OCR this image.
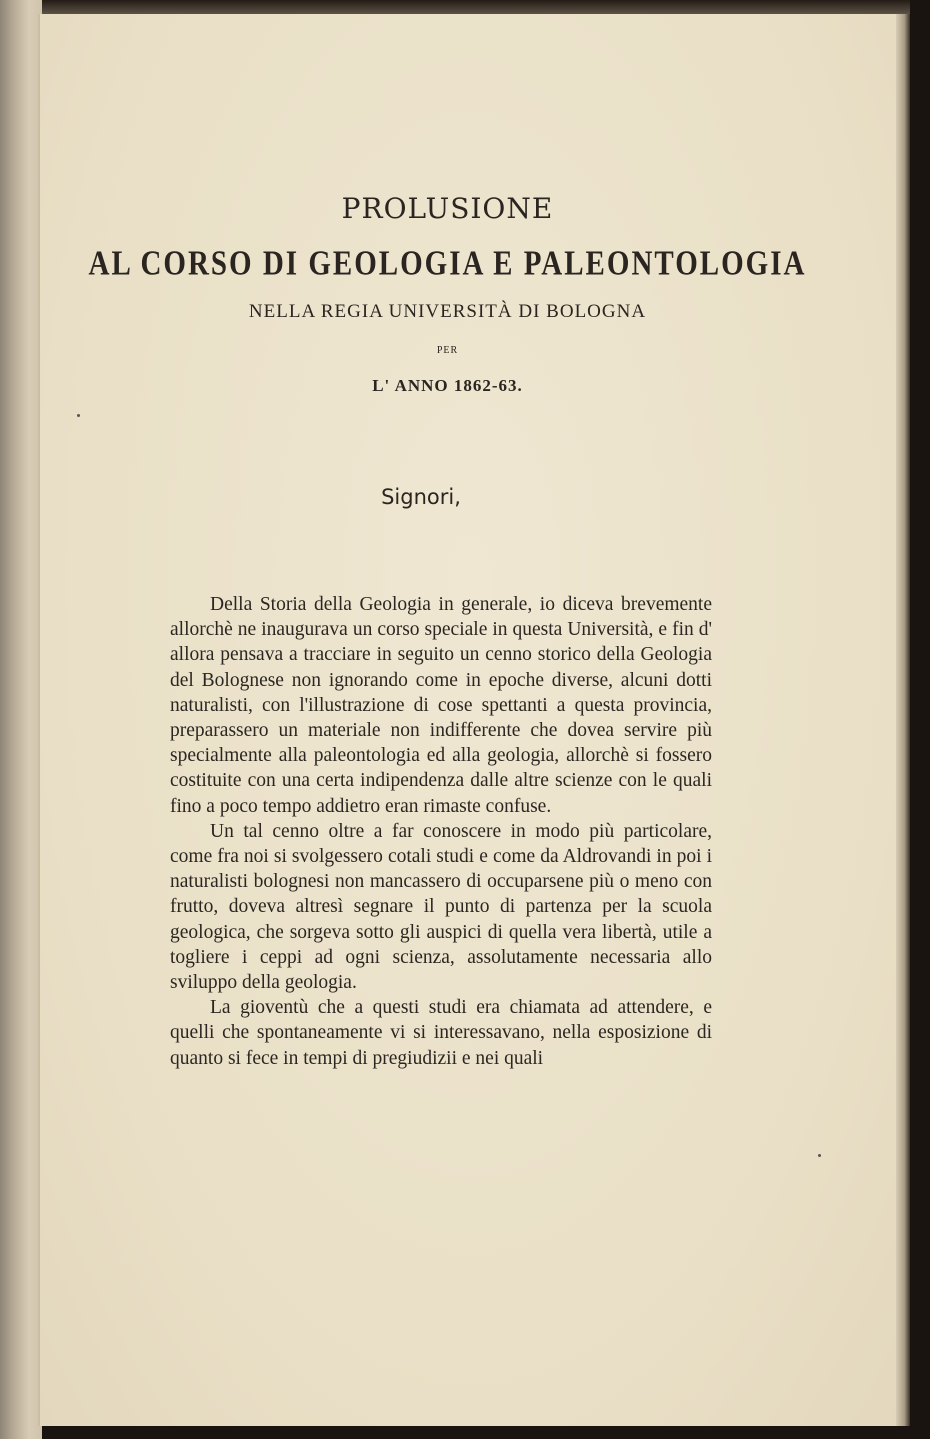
PROLUSIONE
AL CORSO DI GEOLOGIA E PALEONTOLOGIA
NELLA REGIA UNIVERSITÀ DI BOLOGNA
PER
L' ANNO 1862-63.
Signori,

Della Storia della Geologia in generale, io diceva brevemente allorchè ne inaugurava un corso speciale in questa Università, e fin d' allora pensava a tracciare in seguito un cenno storico della Geologia del Bolognese non ignorando come in epoche diverse, alcuni dotti naturalisti, con l'illustrazione di cose spettanti a questa provincia, preparassero un materiale non indifferente che dovea servire più specialmente alla paleontologia ed alla geologia, allorchè si fossero costituite con una certa indipendenza dalle altre scienze con le quali fino a poco tempo addietro eran rimaste confuse.

Un tal cenno oltre a far conoscere in modo più particolare, come fra noi si svolgessero cotali studi e come da Aldrovandi in poi i naturalisti bolognesi non mancassero di occuparsene più o meno con frutto, doveva altresì segnare il punto di partenza per la scuola geologica, che sorgeva sotto gli auspici di quella vera libertà, utile a togliere i ceppi ad ogni scienza, assolutamente necessaria allo sviluppo della geologia.

La gioventù che a questi studi era chiamata ad attendere, e quelli che spontaneamente vi si interessavano, nella esposizione di quanto si fece in tempi di pregiudizii e nei quali
